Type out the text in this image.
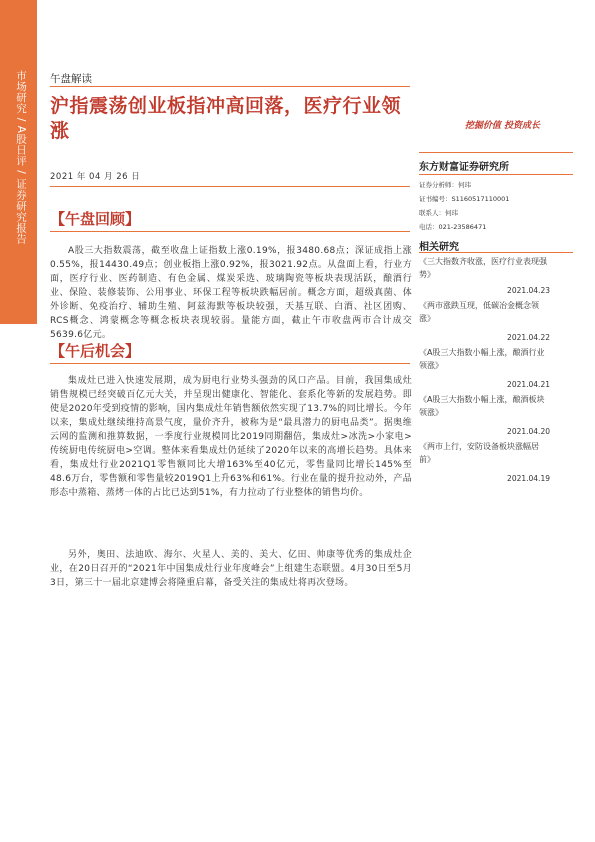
市场研究 / A股日评 / 证券研究报告 午盘解读
沪指震荡创业板指冲高回落，医疗行业领涨
2021 年 04 月 26 日
【午盘回顾】
A股三大指数震荡，截至收盘上证指数上涨0.19%，报3480.68点；深证成指上涨0.55%，报14430.49点；创业板指上涨0.92%，报3021.92点。从盘面上看，行业方面，医疗行业、医药制造、有色金属、煤炭采选、玻璃陶瓷等板块表现活跃，酿酒行业、保险、装修装饰、公用事业、环保工程等板块跌幅居前。概念方面，超级真菌、体外诊断、免疫治疗、辅助生殖、阿兹海默等板块较强，天基互联、白酒、社区团购、RCS概念、鸿蒙概念等概念板块表现较弱。量能方面，截止午市收盘两市合计成交5639.6亿元。
【午后机会】
集成灶已进入快速发展期，成为厨电行业势头强劲的风口产品。目前，我国集成灶销售规模已经突破百亿元大关，并呈现出健康化、智能化、套系化等新的发展趋势。即使是2020年受到疫情的影响，国内集成灶年销售额依然实现了13.7%的同比增长。今年以来，集成灶继续维持高景气度，量价齐升，被称为是“最具潜力的厨电品类”。据奥维云网的监测和推算数据，一季度行业规模同比2019同期翻倍，集成灶>冰洗>小家电>传统厨电传统厨电>空调。整体来看集成灶仍延续了2020年以来的高增长趋势。具体来看，集成灶行业2021Q1零售额同比大增163%至40亿元，零售量同比增长145%至48.6万台，零售额和零售量较2019Q1上升63%和61%。行业在量的提升拉动外，产品形态中蒸箱、蒸烤一体的占比已达到51%，有力拉动了行业整体的销售均价。
另外，奥田、法迪欧、海尔、火星人、美的、美大、亿田、帅康等优秀的集成灶企业，在20日召开的“2021年中国集成灶行业年度峰会”上组建生态联盟。4月30日至5月3日，第三十一届北京建博会将隆重启幕，备受关注的集成灶将再次登场。
挖掘价值 投资成长
东方财富证券研究所
证券分析师：何玮
证书编号：S1160517110001
联系人：何玮
电话：021-23586471
相关研究
《三大指数齐收涨，医疗行业表现强势》
2021.04.23
《两市涨跌互现，低碳冶金概念领涨》
2021.04.22
《A股三大指数小幅上涨，酿酒行业领涨》
2021.04.21
《A股三大指数小幅上涨，酿酒板块领涨》
2021.04.20
《两市上行，安防设备板块涨幅居前》
2021.04.19
